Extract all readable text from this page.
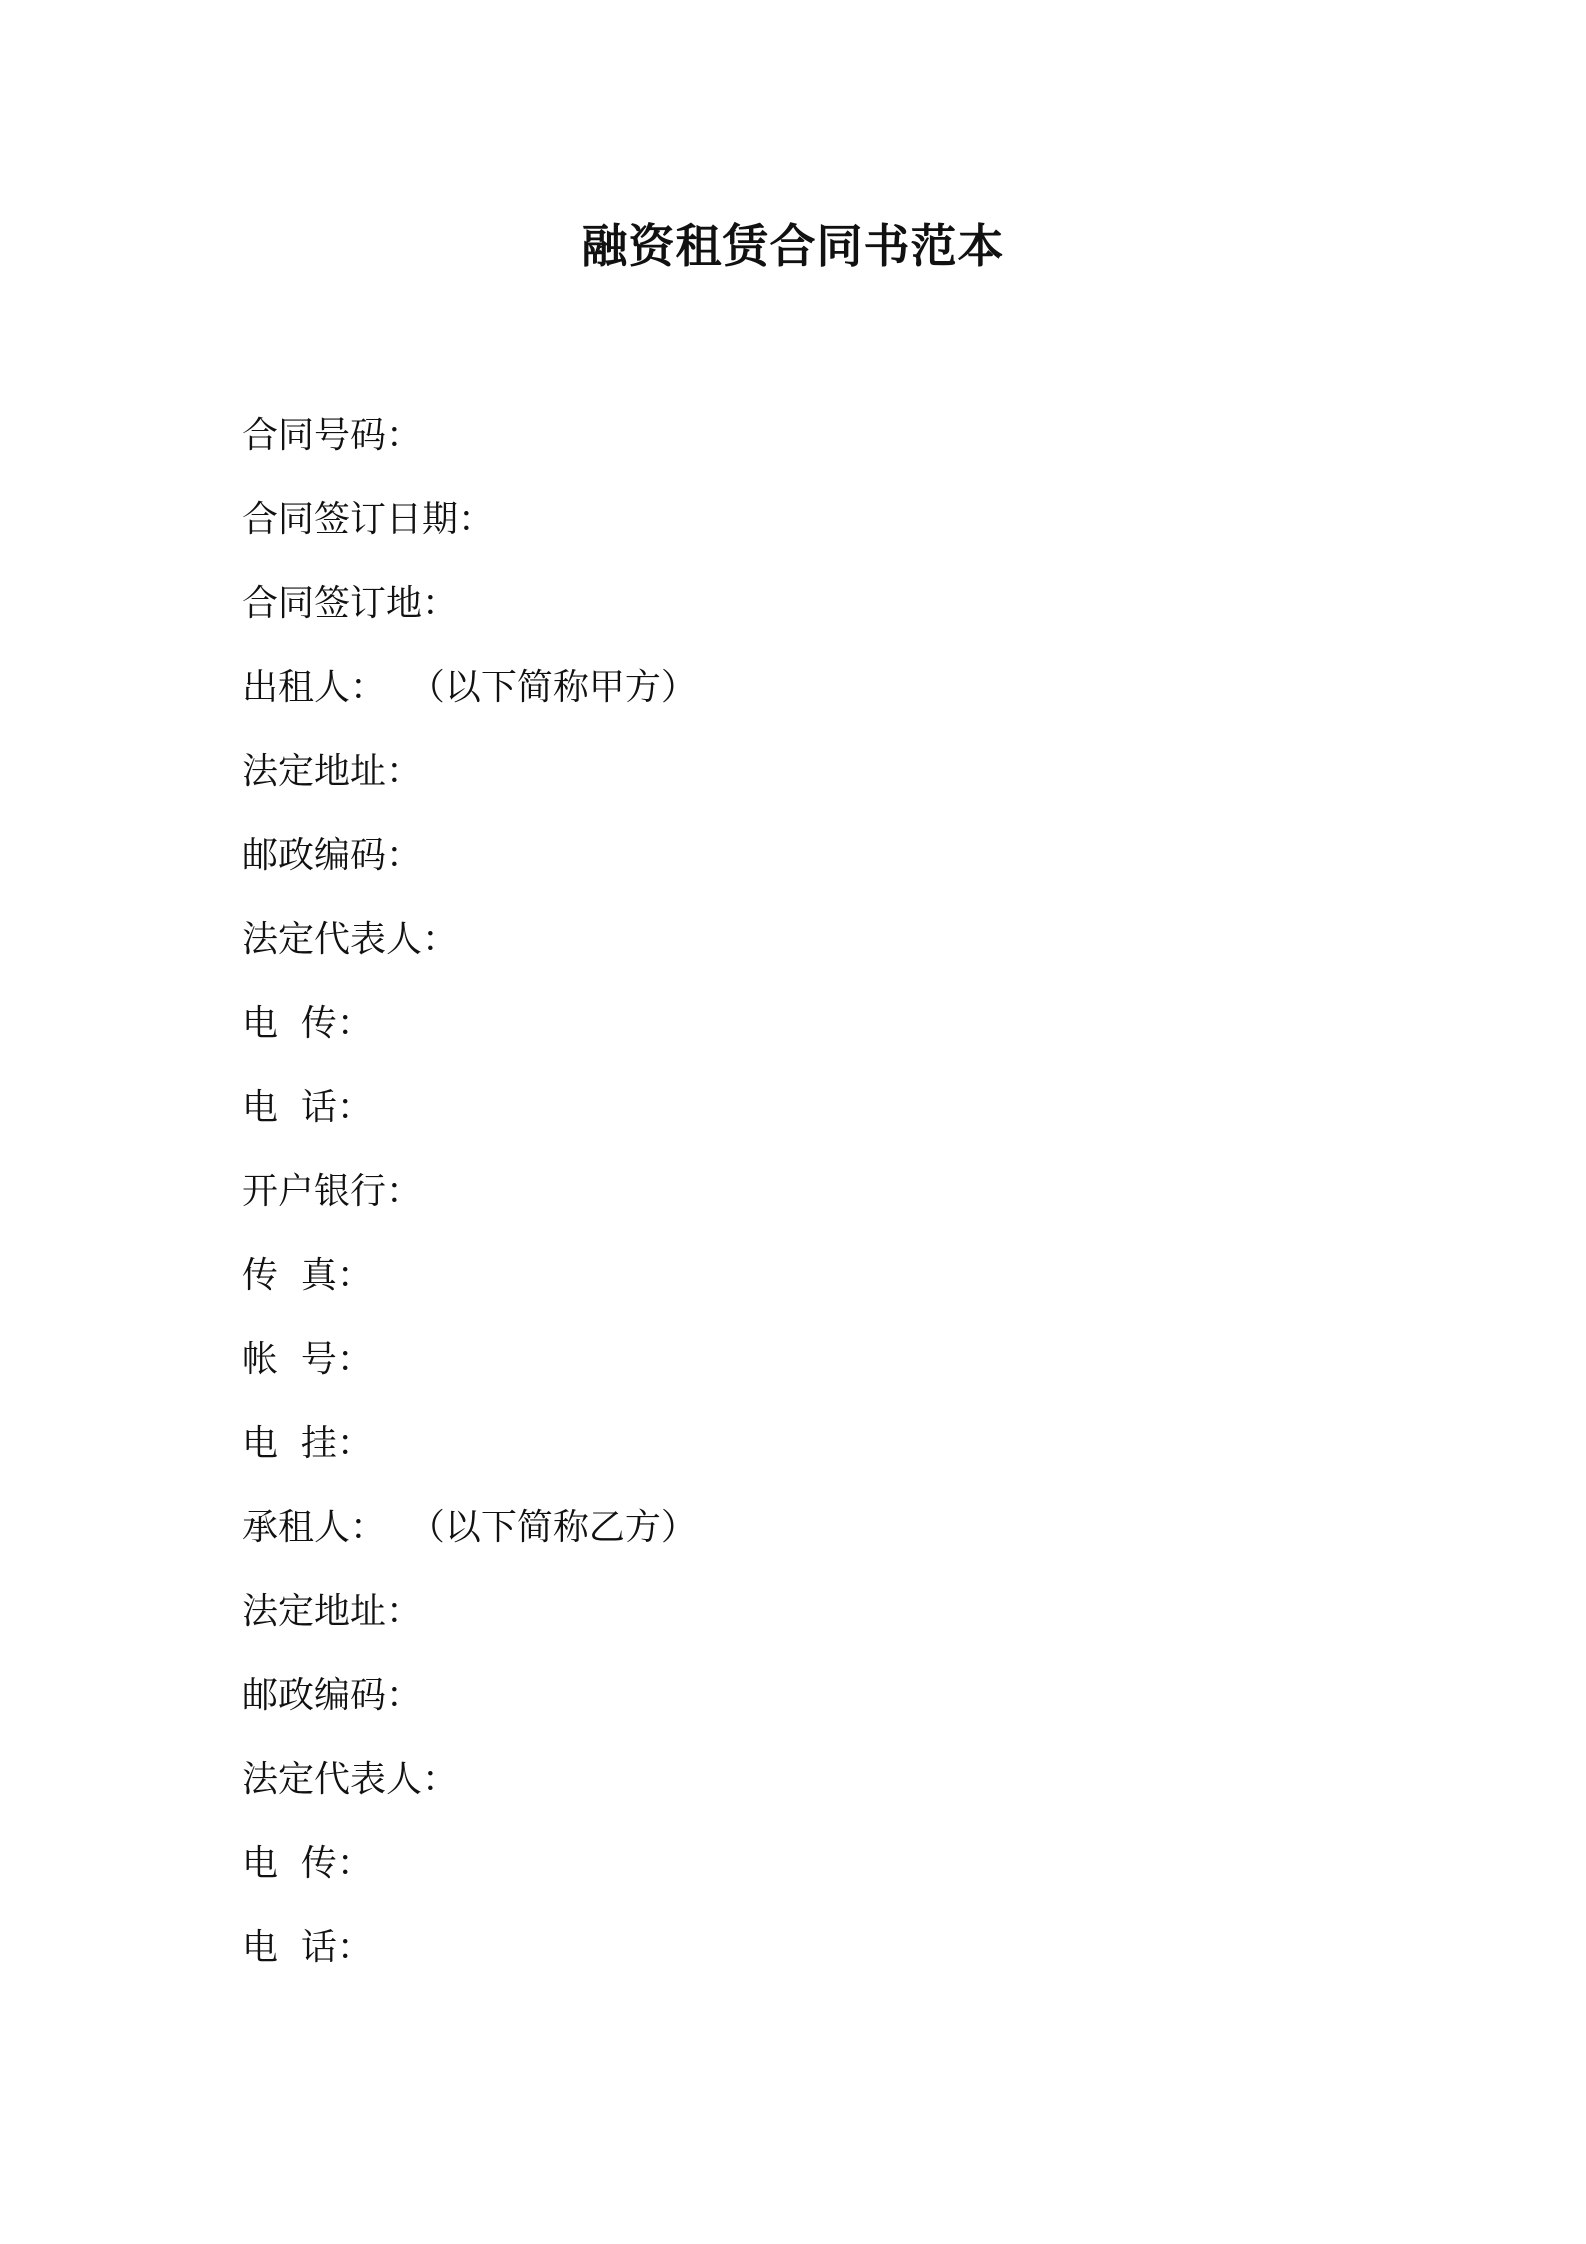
融资租赁合同书范本
合同号码：
合同签订日期：
合同签订地：
出租人：  （以下简称甲方）
法定地址：
邮政编码：
法定代表人：
电  传：
电  话：
开户银行：
传  真：
帐  号：
电  挂：
承租人：  （以下简称乙方）
法定地址：
邮政编码：
法定代表人：
电  传：
电  话：
